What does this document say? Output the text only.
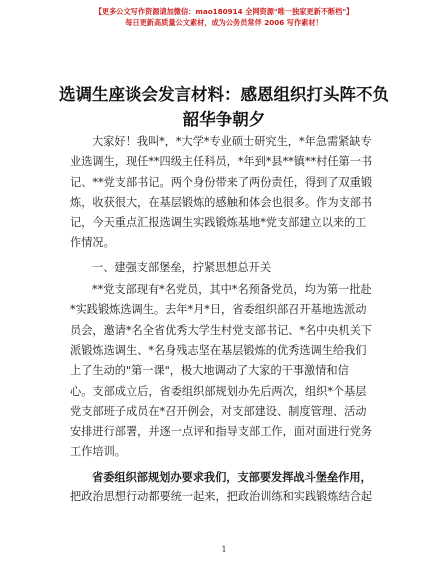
【更多公文写作资源请加微信：mao180914 全网资源"唯一独家更新不断档"】
每日更新高质量公文素材，成为公务员常伴 2006 写作素材！
选调生座谈会发言材料：感恩组织打头阵不负
韶华争朝夕
大家好！我叫*，*大学*专业硕士研究生，*年急需紧缺专
业选调生，现任**四级主任科员，*年到*县**镇**村任第一书
记、**党支部书记。两个身份带来了两份责任，得到了双重锻
炼，收获很大，在基层锻炼的感触和体会也很多。作为支部书
记，今天重点汇报选调生实践锻炼基地*党支部建立以来的工
作情况。
一、建强支部堡垒，拧紧思想总开关
**党支部现有*名党员，其中*名预备党员，均为第一批赴
*实践锻炼选调生。去年*月*日，省委组织部召开基地选派动
员会，邀请*名全省优秀大学生村党支部书记、*名中央机关下
派锻炼选调生、*名身残志坚在基层锻炼的优秀选调生给我们
上了生动的"第一课"，极大地调动了大家的干事激情和信
心。支部成立后，省委组织部规划办先后两次，组织*个基层
党支部班子成员在*召开例会，对支部建设、制度管理、活动
安排进行部署，并逐一点评和指导支部工作，面对面进行党务
工作培训。
省委组织部规划办要求我们，支部要发挥战斗堡垒作用，
把政治思想行动都要统一起来，把政治训练和实践锻炼结合起
1
